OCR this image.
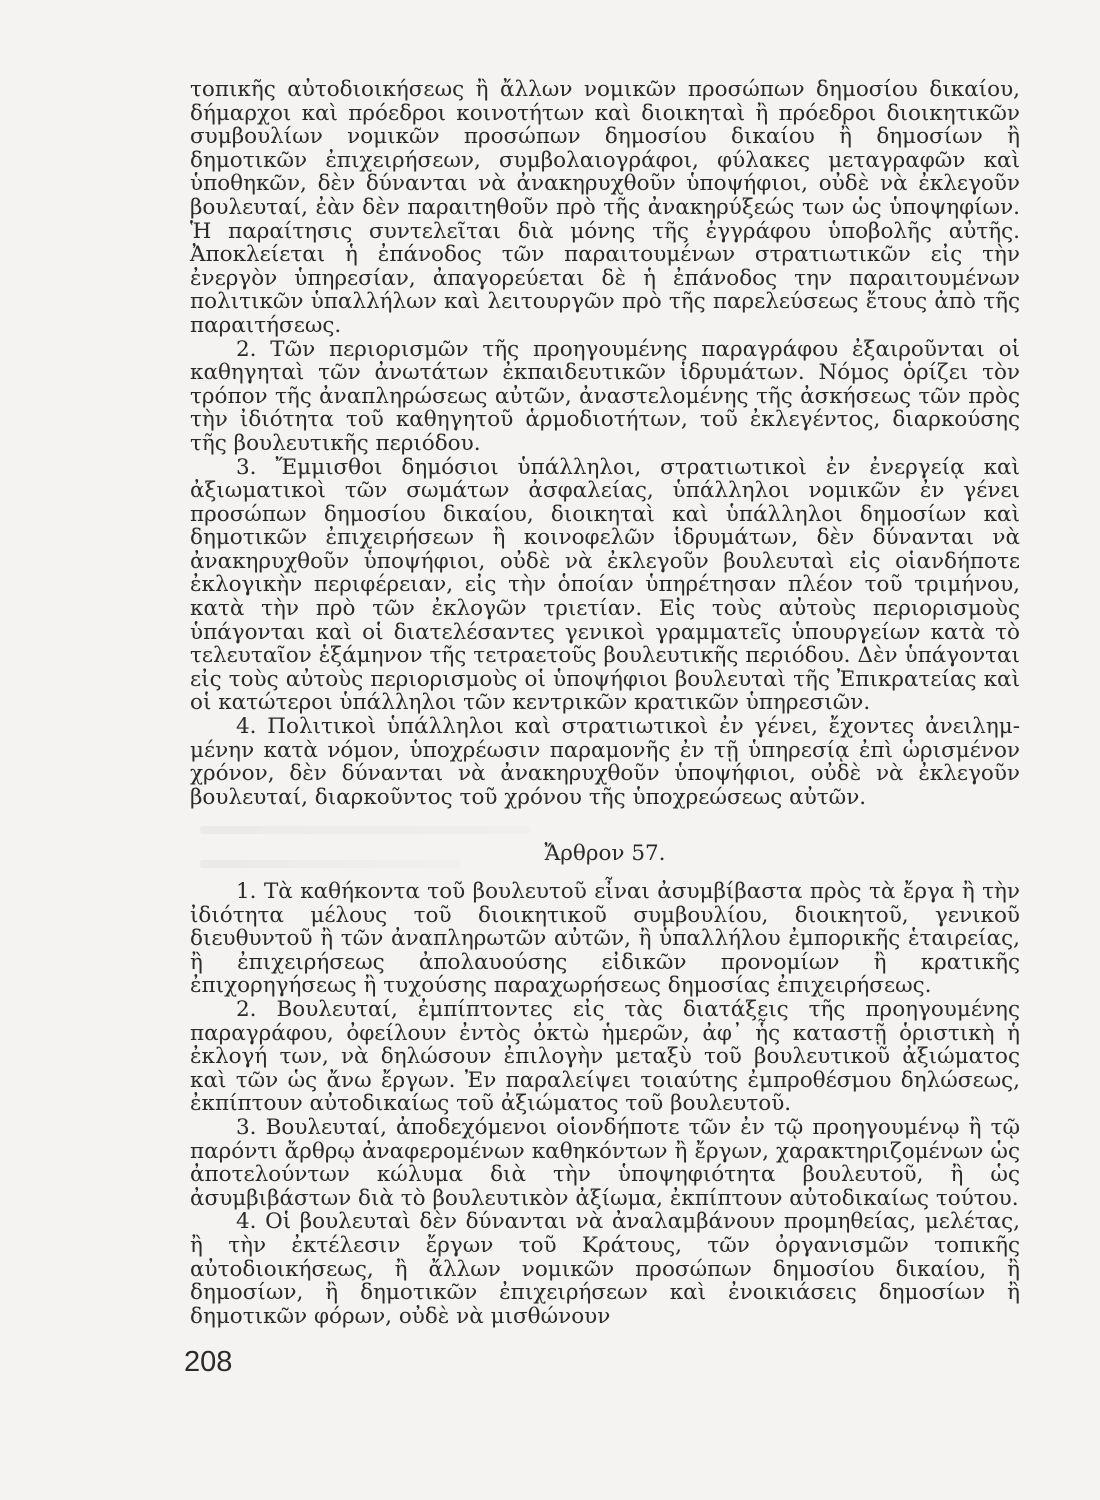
τοπικῆς αὐτοδιοικήσεως ἢ ἄλλων νομικῶν προσώπων δημοσίου δικαίου, δήμαρχοι καὶ πρόεδροι κοινοτήτων καὶ διοικηταὶ ἢ πρόεδροι διοικητικῶν συμβουλίων νομικῶν προσώπων δημοσίου δικαίου ἢ δημοσίων ἢ δημοτικῶν ἐπιχειρήσεων, συμβολαιογράφοι, φύλακες μεταγραφῶν καὶ ὑποθηκῶν, δὲν δύνανται νὰ ἀνακηρυχθοῦν ὑποψήφιοι, οὐδὲ νὰ ἐκλεγοῦν βουλευταί, ἐὰν δὲν παραιτηθοῦν πρὸ τῆς ἀνακηρύξεώς των ὡς ὑποψηφίων. Ἡ παραίτησις συντελεῖται διὰ μόνης τῆς ἐγγράφου ὑποβολῆς αὐτῆς. Ἀποκλείεται ἡ ἐπάνοδος τῶν παραιτουμένων στρατιωτικῶν εἰς τὴν ἐνεργὸν ὑπηρεσίαν, ἀπαγορεύεται δὲ ἡ ἐπάνοδος την παραιτουμένων πολιτικῶν ὑπαλλήλων καὶ λειτουργῶν πρὸ τῆς παρελεύσεως ἔτους ἀπὸ τῆς παραιτήσεως.

2. Τῶν περιορισμῶν τῆς προηγουμένης παραγράφου ἐξαιροῦνται οἱ καθηγηταὶ τῶν ἀνωτάτων ἐκπαιδευτικῶν ἱδρυμάτων. Νόμος ὁρίζει τὸν τρόπον τῆς ἀναπληρώσεως αὐτῶν, ἀναστελομένης τῆς ἀσκήσεως τῶν πρὸς τὴν ἰδιότητα τοῦ καθηγητοῦ ἁρμοδιοτήτων, τοῦ ἐκλεγέντος, διαρκούσης τῆς βουλευτικῆς περιόδου.

3. Ἔμμισθοι δημόσιοι ὑπάλληλοι, στρατιωτικοὶ ἐν ἐνεργείᾳ καὶ ἀξιωματικοὶ τῶν σωμάτων ἀσφαλείας, ὑπάλληλοι νομικῶν ἐν γένει προσώπων δημοσίου δικαίου, διοικηταὶ καὶ ὑπάλληλοι δημοσίων καὶ δημοτικῶν ἐπιχειρήσεων ἢ κοινοφελῶν ἱδρυμάτων, δὲν δύνανται νὰ ἀνακηρυχθοῦν ὑποψήφιοι, οὐδὲ νὰ ἐκλεγοῦν βουλευταὶ εἰς οἱανδήποτε ἐκλογικὴν περιφέρειαν, εἰς τὴν ὁποίαν ὑπηρέτησαν πλέον τοῦ τριμήνου, κατὰ τὴν πρὸ τῶν ἐκλογῶν τριετίαν. Εἰς τοὺς αὐτοὺς περιορισμοὺς ὑπάγονται καὶ οἱ διατελέσαντες γενικοὶ γραμματεῖς ὑπουργείων κατὰ τὸ τελευταῖον ἑξάμηνον τῆς τετραετοῦς βουλευτικῆς περιόδου. Δὲν ὑπάγονται εἰς τοὺς αὐτοὺς περιορισμοὺς οἱ ὑποψήφιοι βουλευταὶ τῆς Ἐπικρατείας καὶ οἱ κατώτεροι ὑπάλληλοι τῶν κεντρικῶν κρατικῶν ὑπηρεσιῶν.

4. Πολιτικοὶ ὑπάλληλοι καὶ στρατιωτικοὶ ἐν γένει, ἔχοντες ἀνειλημμένην κατὰ νόμον, ὑποχρέωσιν παραμονῆς ἐν τῇ ὑπηρεσίᾳ ἐπὶ ὡρισμένον χρόνον, δὲν δύνανται νὰ ἀνακηρυχθοῦν ὑποψήφιοι, οὐδὲ νὰ ἐκλεγοῦν βουλευταί, διαρκοῦντος τοῦ χρόνου τῆς ὑποχρεώσεως αὐτῶν.

Ἄρθρον 57.

1. Τὰ καθήκοντα τοῦ βουλευτοῦ εἶναι ἀσυμβίβαστα πρὸς τὰ ἔργα ἢ τὴν ἰδιότητα μέλους τοῦ διοικητικοῦ συμβουλίου, διοικητοῦ, γενικοῦ διευθυντοῦ ἢ τῶν ἀναπληρωτῶν αὐτῶν, ἢ ὑπαλλήλου ἐμπορικῆς ἑταιρείας, ἢ ἐπιχειρήσεως ἀπολαυούσης εἰδικῶν προνομίων ἢ κρατικῆς ἐπιχορηγήσεως ἢ τυχούσης παραχωρήσεως δημοσίας ἐπιχειρήσεως.

2. Βουλευταί, ἐμπίπτοντες εἰς τὰς διατάξεις τῆς προηγουμένης παραγράφου, ὀφείλουν ἐντὸς ὀκτὼ ἡμερῶν, ἀφ᾽ ἧς καταστῇ ὁριστικὴ ἡ ἐκλογή των, νὰ δηλώσουν ἐπιλογὴν μεταξὺ τοῦ βουλευτικοῦ ἀξιώματος καὶ τῶν ὡς ἄνω ἔργων. Ἐν παραλείψει τοιαύτης ἐμπροθέσμου δηλώσεως, ἐκπίπτουν αὐτοδικαίως τοῦ ἀξιώματος τοῦ βουλευτοῦ.

3. Βουλευταί, ἀποδεχόμενοι οἱονδήποτε τῶν ἐν τῷ προηγουμένῳ ἢ τῷ παρόντι ἄρθρῳ ἀναφερομένων καθηκόντων ἢ ἔργων, χαρακτηριζομένων ὡς ἀποτελούντων κώλυμα διὰ τὴν ὑποψηφιότητα βουλευτοῦ, ἢ ὡς ἀσυμβιβάστων διὰ τὸ βουλευτικὸν ἀξίωμα, ἐκπίπτουν αὐτοδικαίως τούτου.

4. Οἱ βουλευταὶ δὲν δύνανται νὰ ἀναλαμβάνουν προμηθείας, μελέτας, ἢ τὴν ἐκτέλεσιν ἔργων τοῦ Κράτους, τῶν ὀργανισμῶν τοπικῆς αὐτοδιοικήσεως, ἢ ἄλλων νομικῶν προσώπων δημοσίου δικαίου, ἢ δημοσίων, ἢ δημοτικῶν ἐπιχειρήσεων καὶ ἐνοικιάσεις δημοσίων ἢ δημοτικῶν φόρων, οὐδὲ νὰ μισθώνουν

208
